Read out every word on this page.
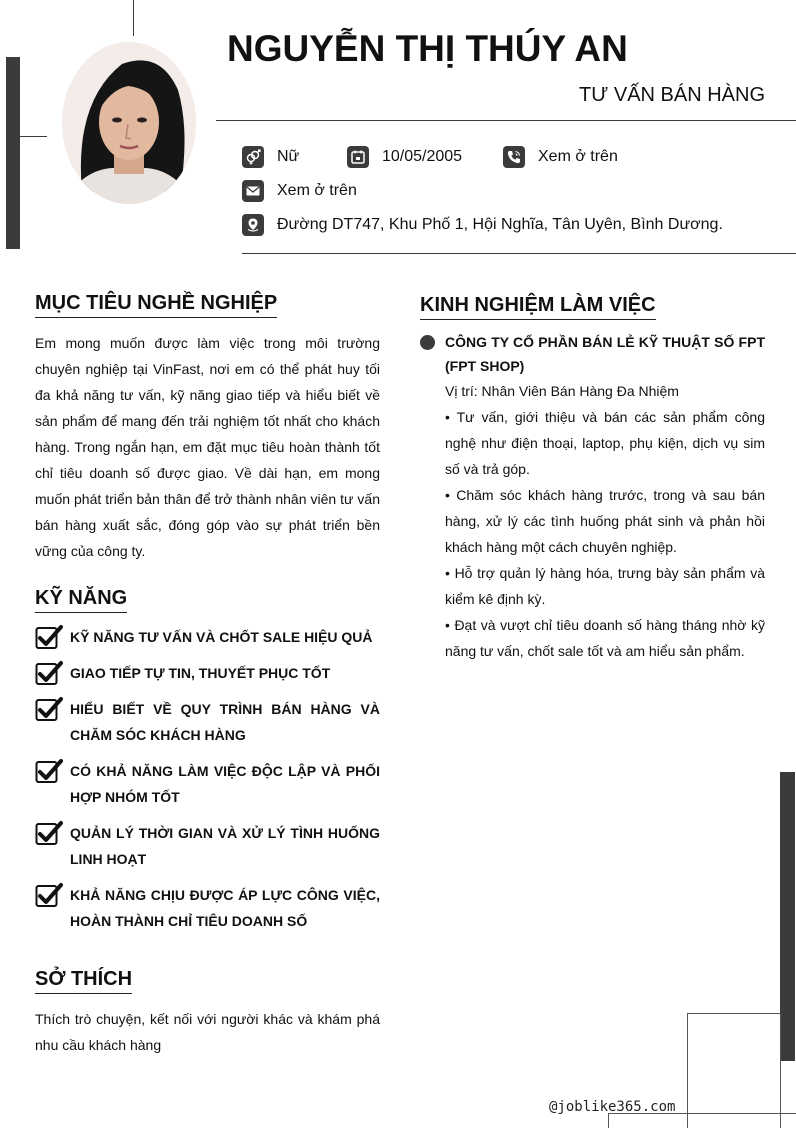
NGUYỄN THỊ THÚY AN
TƯ VẤN BÁN HÀNG
Nữ	10/05/2005	Xem ở trên
Xem ở trên
Đường DT747, Khu Phố 1, Hội Nghĩa, Tân Uyên, Bình Dương.
MỤC TIÊU NGHỀ NGHIỆP
Em mong muốn được làm việc trong môi trường chuyên nghiệp tại VinFast, nơi em có thể phát huy tối đa khả năng tư vấn, kỹ năng giao tiếp và hiểu biết về sản phẩm để mang đến trải nghiệm tốt nhất cho khách hàng. Trong ngắn hạn, em đặt mục tiêu hoàn thành tốt chỉ tiêu doanh số được giao. Về dài hạn, em mong muốn phát triển bản thân để trở thành nhân viên tư vấn bán hàng xuất sắc, đóng góp vào sự phát triển bền vững của công ty.
KỸ NĂNG
KỸ NĂNG TƯ VẤN VÀ CHỐT SALE HIỆU QUẢ
GIAO TIẾP TỰ TIN, THUYẾT PHỤC TỐT
HIỂU BIẾT VỀ QUY TRÌNH BÁN HÀNG VÀ CHĂM SÓC KHÁCH HÀNG
CÓ KHẢ NĂNG LÀM VIỆC ĐỘC LẬP VÀ PHỐI HỢP NHÓM TỐT
QUẢN LÝ THỜI GIAN VÀ XỬ LÝ TÌNH HUỐNG LINH HOẠT
KHẢ NĂNG CHỊU ĐƯỢC ÁP LỰC CÔNG VIỆC, HOÀN THÀNH CHỈ TIÊU DOANH SỐ
SỞ THÍCH
Thích trò chuyện, kết nối với người khác và khám phá nhu cầu khách hàng
KINH NGHIỆM LÀM VIỆC
CÔNG TY CỔ PHẦN BÁN LẺ KỸ THUẬT SỐ FPT (FPT SHOP)
Vị trí: Nhân Viên Bán Hàng Đa Nhiệm
• Tư vấn, giới thiệu và bán các sản phẩm công nghệ như điện thoại, laptop, phụ kiện, dịch vụ sim số và trả góp.
• Chăm sóc khách hàng trước, trong và sau bán hàng, xử lý các tình huống phát sinh và phản hồi khách hàng một cách chuyên nghiệp.
• Hỗ trợ quản lý hàng hóa, trưng bày sản phẩm và kiểm kê định kỳ.
• Đạt và vượt chỉ tiêu doanh số hàng tháng nhờ kỹ năng tư vấn, chốt sale tốt và am hiểu sản phẩm.
@joblike365.com
